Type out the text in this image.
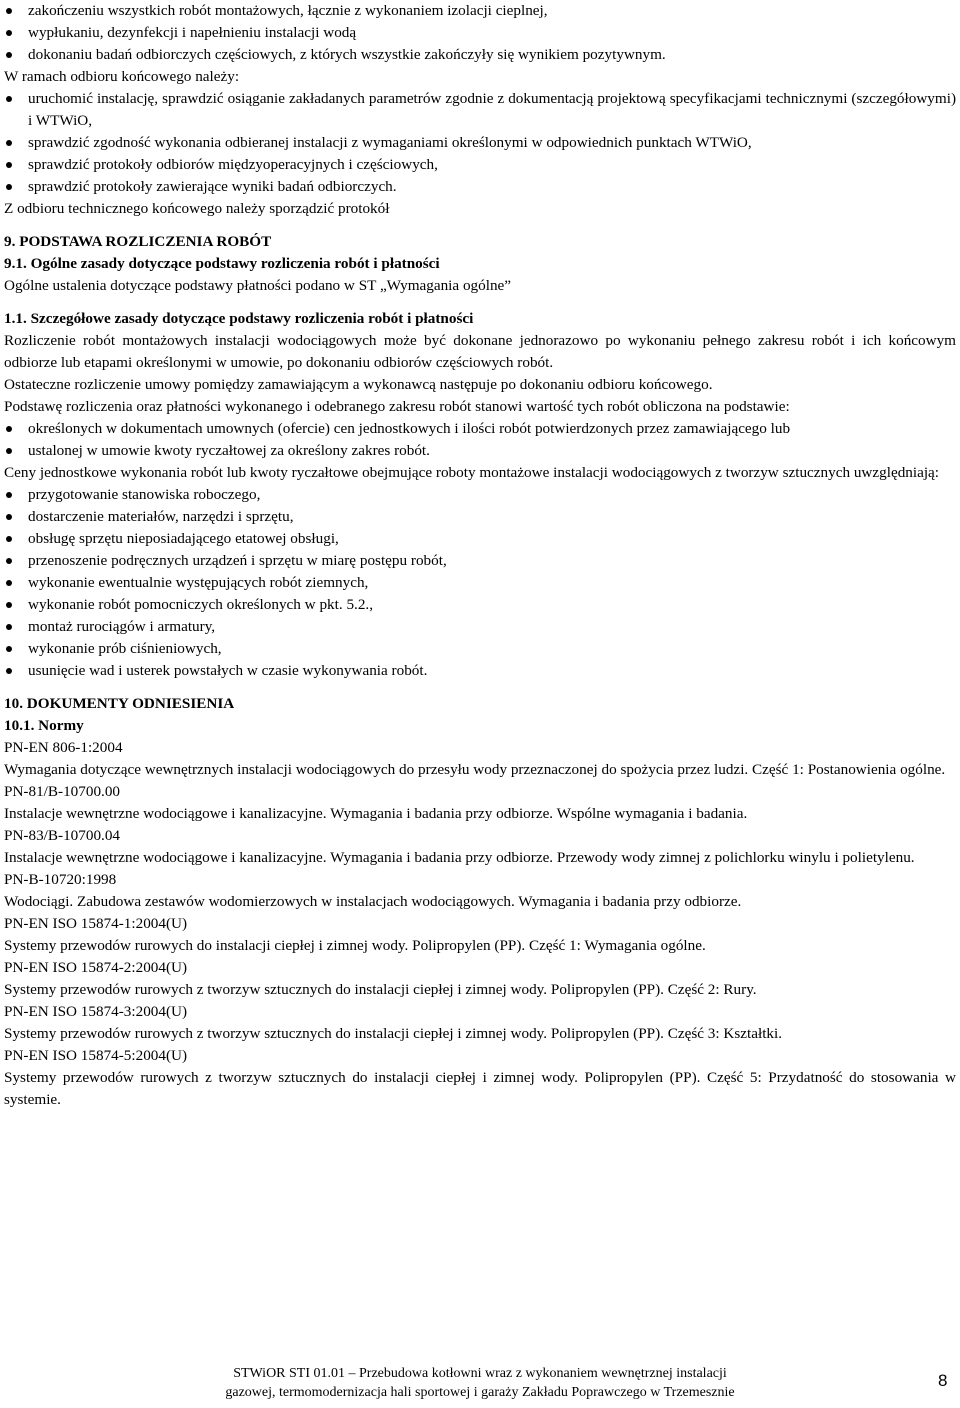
zakończeniu wszystkich robót montażowych, łącznie z wykonaniem izolacji cieplnej,
wypłukaniu, dezynfekcji i napełnieniu instalacji wodą
dokonaniu badań odbiorczych częściowych, z których wszystkie zakończyły się wynikiem pozytywnym.

W ramach odbioru końcowego należy:

uruchomić instalację, sprawdzić osiąganie zakładanych parametrów zgodnie z dokumentacją projektową specyfikacjami technicznymi (szczegółowymi) i WTWiO,
sprawdzić zgodność wykonania odbieranej instalacji z wymaganiami określonymi w odpowiednich punktach WTWiO,
sprawdzić protokoły odbiorów międzyoperacyjnych i częściowych,
sprawdzić protokoły zawierające wyniki badań odbiorczych.

Z odbioru technicznego końcowego należy sporządzić protokół

9. PODSTAWA ROZLICZENIA ROBÓT

9.1. Ogólne zasady dotyczące podstawy rozliczenia robót i płatności

Ogólne ustalenia dotyczące podstawy płatności podano w ST „Wymagania ogólne”

1.1. Szczegółowe zasady dotyczące podstawy rozliczenia robót i płatności

Rozliczenie robót montażowych instalacji wodociągowych może być dokonane jednorazowo po wykonaniu pełnego zakresu robót i ich końcowym odbiorze lub etapami określonymi w umowie, po dokonaniu odbiorów częściowych robót.

Ostateczne rozliczenie umowy pomiędzy zamawiającym a wykonawcą następuje po dokonaniu odbioru końcowego.

Podstawę rozliczenia oraz płatności wykonanego i odebranego zakresu robót stanowi wartość tych robót obliczona na podstawie:

określonych w dokumentach umownych (ofercie) cen jednostkowych i ilości robót potwierdzonych przez zamawiającego lub
ustalonej w umowie kwoty ryczałtowej za określony zakres robót.

Ceny jednostkowe wykonania robót lub kwoty ryczałtowe obejmujące roboty montażowe instalacji wodociągowych z tworzyw sztucznych uwzględniają:

przygotowanie stanowiska roboczego,
dostarczenie materiałów, narzędzi i sprzętu,
obsługę sprzętu nieposiadającego etatowej obsługi,
przenoszenie podręcznych urządzeń i sprzętu w miarę postępu robót,
wykonanie ewentualnie występujących robót ziemnych,
wykonanie robót pomocniczych określonych w pkt. 5.2.,
montaż rurociągów i armatury,
wykonanie prób ciśnieniowych,
usunięcie wad i usterek powstałych w czasie wykonywania robót.

10. DOKUMENTY ODNIESIENIA

10.1. Normy

PN-EN 806-1:2004

Wymagania dotyczące wewnętrznych instalacji wodociągowych do przesyłu wody przeznaczonej do spożycia przez ludzi. Część 1: Postanowienia ogólne.

PN-81/B-10700.00

Instalacje wewnętrzne wodociągowe i kanalizacyjne. Wymagania i badania przy odbiorze. Wspólne wymagania i badania.

PN-83/B-10700.04

Instalacje wewnętrzne wodociągowe i kanalizacyjne. Wymagania i badania przy odbiorze. Przewody wody zimnej z polichlorku winylu i polietylenu.

PN-B-10720:1998

Wodociągi. Zabudowa zestawów wodomierzowych w instalacjach wodociągowych. Wymagania i badania przy odbiorze.

PN-EN ISO 15874-1:2004(U)

Systemy przewodów rurowych do instalacji ciepłej i zimnej wody. Polipropylen (PP). Część 1: Wymagania ogólne.

PN-EN ISO 15874-2:2004(U)

Systemy przewodów rurowych z tworzyw sztucznych do instalacji ciepłej i zimnej wody. Polipropylen (PP). Część 2: Rury.

PN-EN ISO 15874-3:2004(U)

Systemy przewodów rurowych z tworzyw sztucznych do instalacji ciepłej i zimnej wody. Polipropylen (PP). Część 3: Kształtki.

PN-EN ISO 15874-5:2004(U)

Systemy przewodów rurowych z tworzyw sztucznych do instalacji ciepłej i zimnej wody. Polipropylen (PP). Część 5: Przydatność do stosowania w systemie.

STWiOR STI 01.01 – Przebudowa kotłowni wraz z wykonaniem wewnętrznej instalacji
gazowej, termomodernizacja hali sportowej i garaży Zakładu Poprawczego w Trzemesznie
8
